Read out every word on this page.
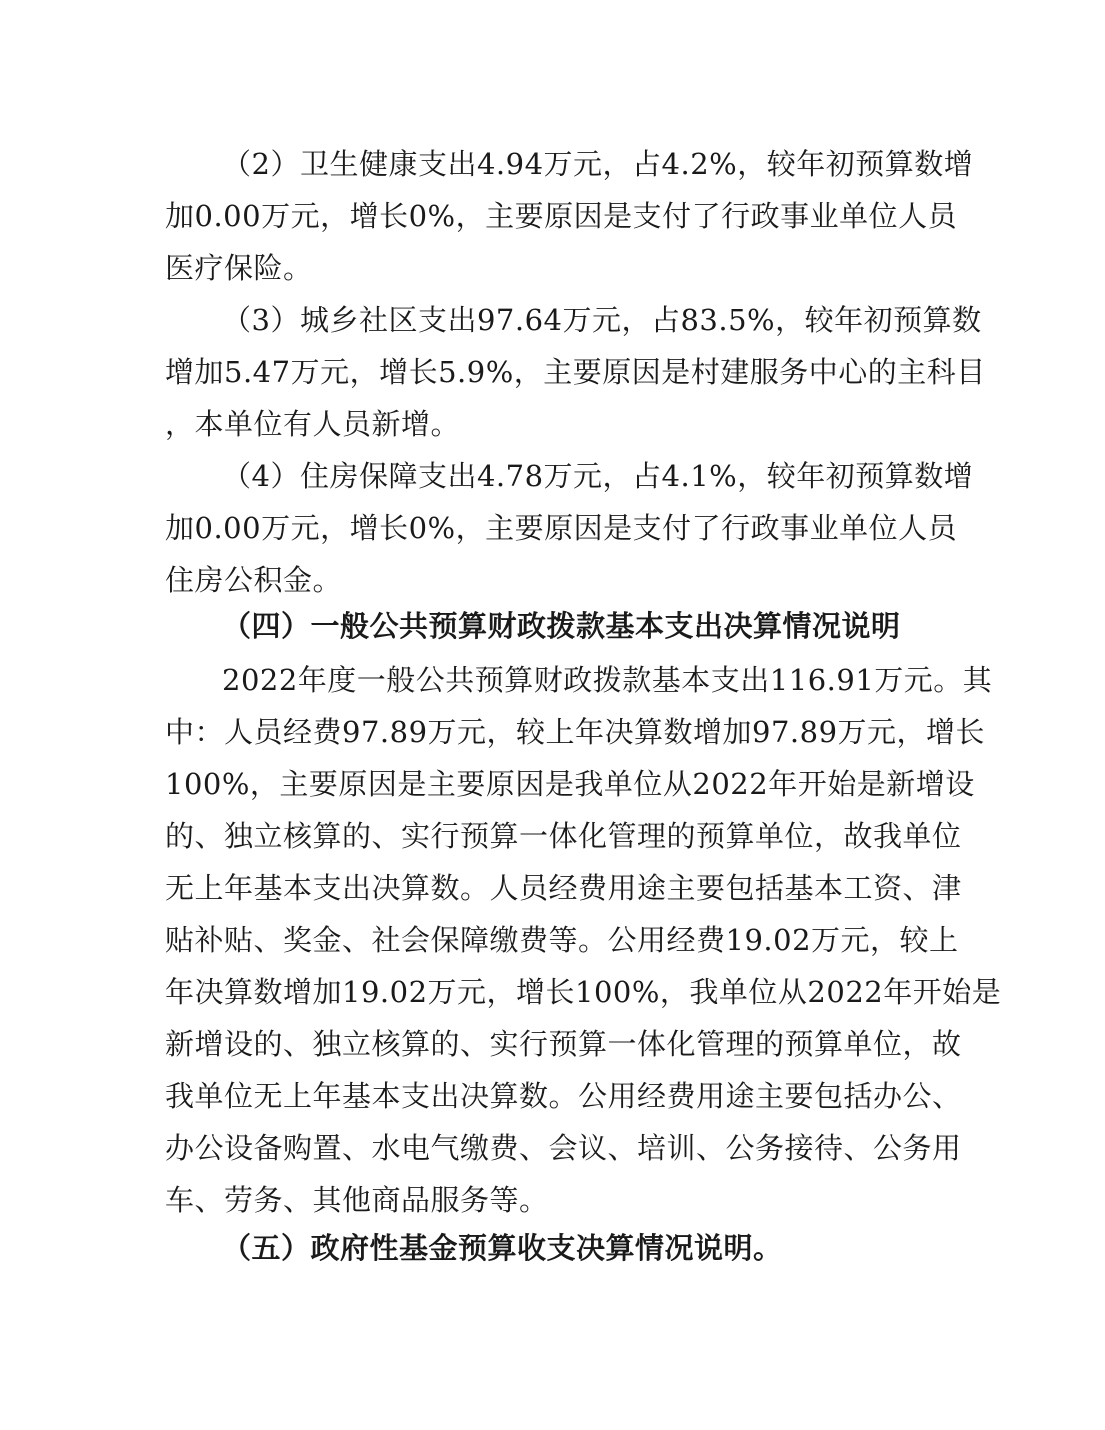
（2）卫生健康支出4.94万元，占4.2%，较年初预算数增
加0.00万元，增长0%，主要原因是支付了行政事业单位人员
医疗保险。
（3）城乡社区支出97.64万元，占83.5%，较年初预算数
增加5.47万元，增长5.9%，主要原因是村建服务中心的主科目
，本单位有人员新增。
（4）住房保障支出4.78万元，占4.1%，较年初预算数增
加0.00万元，增长0%，主要原因是支付了行政事业单位人员
住房公积金。
（四）一般公共预算财政拨款基本支出决算情况说明
2022年度一般公共预算财政拨款基本支出116.91万元。其
中：人员经费97.89万元，较上年决算数增加97.89万元，增长
100%，主要原因是主要原因是我单位从2022年开始是新增设
的、独立核算的、实行预算一体化管理的预算单位，故我单位
无上年基本支出决算数。人员经费用途主要包括基本工资、津
贴补贴、奖金、社会保障缴费等。公用经费19.02万元，较上
年决算数增加19.02万元，增长100%，我单位从2022年开始是
新增设的、独立核算的、实行预算一体化管理的预算单位，故
我单位无上年基本支出决算数。公用经费用途主要包括办公、
办公设备购置、水电气缴费、会议、培训、公务接待、公务用
车、劳务、其他商品服务等。
（五）政府性基金预算收支决算情况说明。
